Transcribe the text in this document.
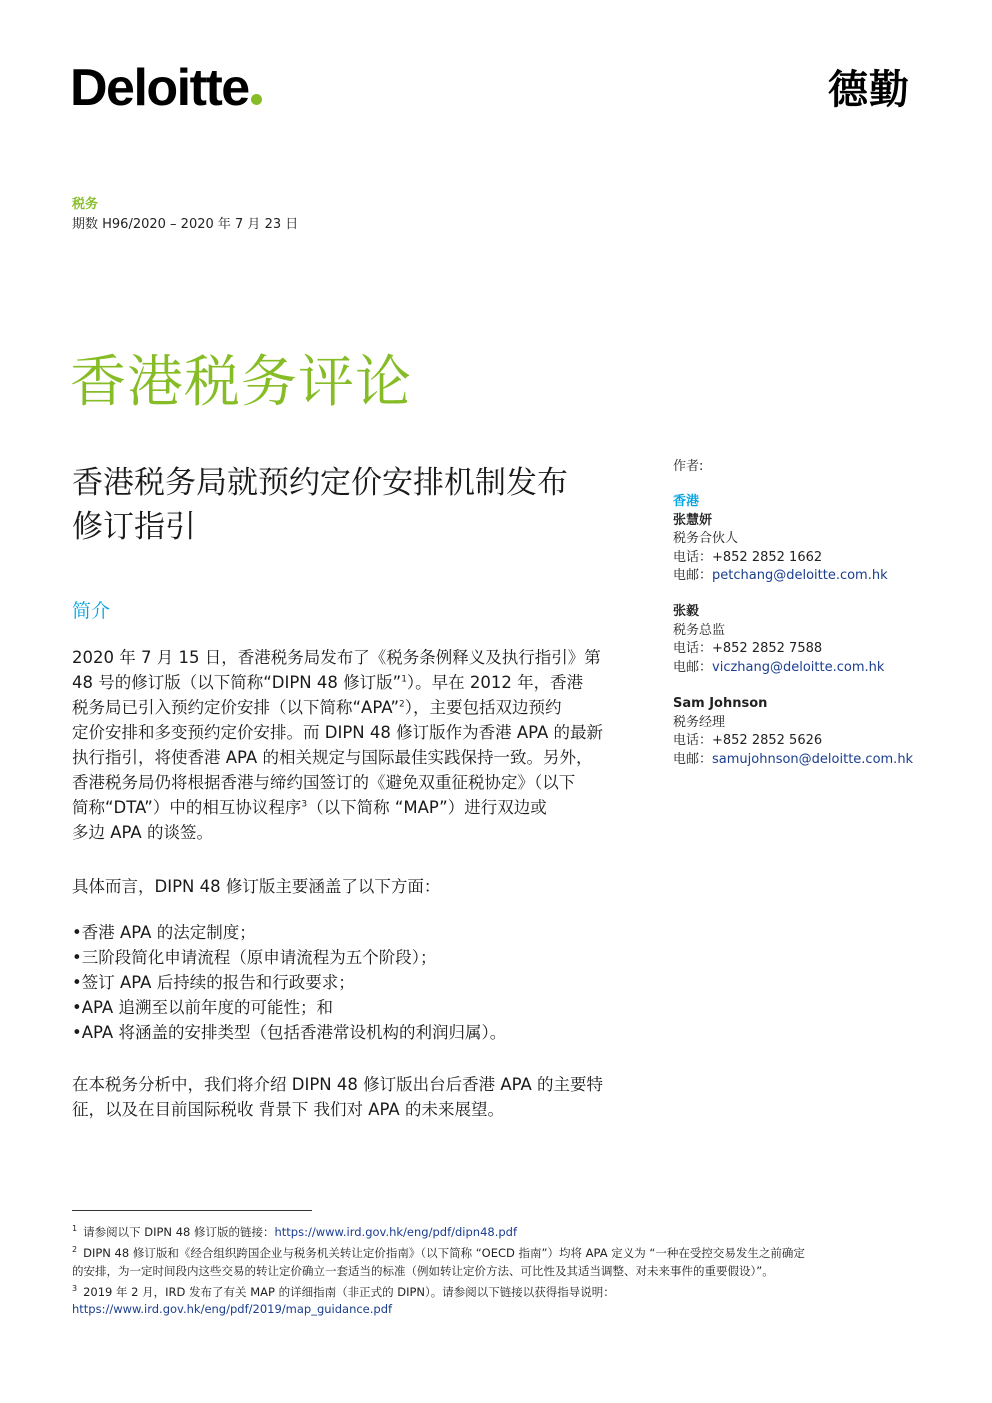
Deloitte	德勤
税务
期数 H96/2020 – 2020 年 7 月 23 日
香港税务评论
香港税务局就预约定价安排机制发布
修订指引
简介
2020 年 7 月 15 日，香港税务局发布了《税务条例释义及执行指引》第
48 号的修订版（以下简称“DIPN 48 修订版”$^1$）。早在 2012 年，香港
税务局已引入预约定价安排（以下简称“APA”$^2$），主要包括双边预约
定价安排和多变预约定价安排。而 DIPN 48 修订版作为香港 APA 的最新
执行指引，将使香港 APA 的相关规定与国际最佳实践保持一致。另外，
香港税务局仍将根据香港与缔约国签订的《避免双重征税协定》（以下
简称“DTA”）中的相互协议程序$^3$（以下简称 “MAP”）进行双边或
多边 APA 的谈签。
具体而言，DIPN 48 修订版主要涵盖了以下方面：
•香港 APA 的法定制度；
•三阶段简化申请流程（原申请流程为五个阶段）；
•签订 APA 后持续的报告和行政要求；
•APA 追溯至以前年度的可能性；和
•APA 将涵盖的安排类型（包括香港常设机构的利润归属）。
在本税务分析中，我们将介绍 DIPN 48 修订版出台后香港 APA 的主要特
征，以及在目前国际税收 背景下 我们对 APA 的未来展望。
作者:
香港
张慧妍
税务合伙人
电话：+852 2852 1662
电邮：petchang@deloitte.com.hk
张毅
税务总监
电话：+852 2852 7588
电邮：viczhang@deloitte.com.hk
Sam Johnson
税务经理
电话：+852 2852 5626
电邮：samujohnson@deloitte.com.hk
$^1$ 请参阅以下 DIPN 48 修订版的链接：https://www.ird.gov.hk/eng/pdf/dipn48.pdf
$^2$ DIPN 48 修订版和《经合组织跨国企业与税务机关转让定价指南》（以下简称 “OECD 指南”）均将 APA 定义为 “一种在受控交易发生之前确定
的安排，为一定时间段内这些交易的转让定价确立一套适当的标准（例如转让定价方法、可比性及其适当调整、对未来事件的重要假设）”。
$^3$ 2019 年 2 月，IRD 发布了有关 MAP 的详细指南（非正式的 DIPN）。请参阅以下链接以获得指导说明：
https://www.ird.gov.hk/eng/pdf/2019/map_guidance.pdf
